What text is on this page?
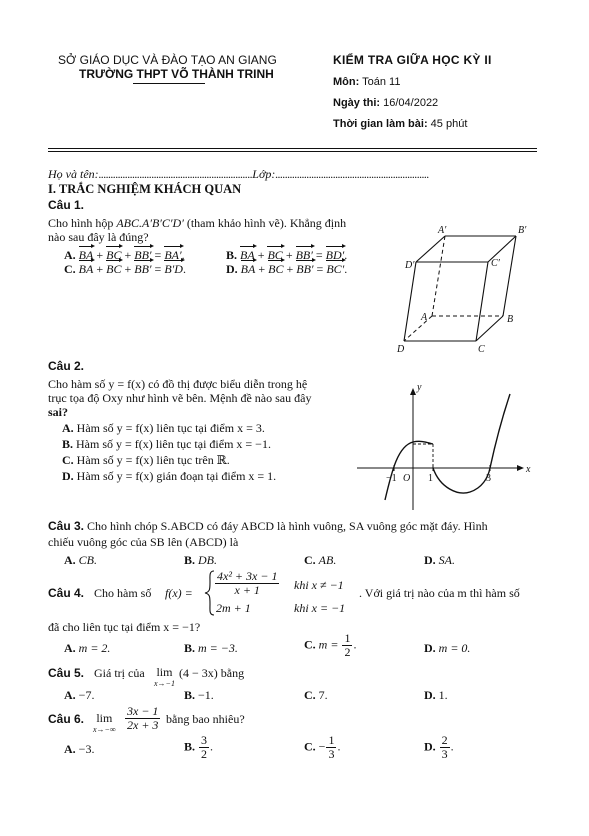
SỞ GIÁO DỤC VÀ ĐÀO TẠO AN GIANG
TRƯỜNG THPT VÕ THÀNH TRINH
KIỂM TRA GIỮA HỌC KỲ II
Môn: Toán 11
Ngày thi: 16/04/2022
Thời gian làm bài: 45 phút
Họ và tên:................................................................Lớp:................................................................
I. TRẮC NGHIỆM KHÁCH QUAN
Câu 1.
Cho hình hộp ABC.A′B′C′D′ (tham khảo hình vẽ). Khẳng định
nào sau đây là đúng?
A. BA + BC + BB′ = BA′.	B. BA + BC + BB′ = BD′.
C. BA + BC + BB′ = B′D.	D. BA + BC + BB′ = BC′.
A′	B′
C′
D′
A	B
C
D
Câu 2.
Cho hàm số y = f(x) có đồ thị được biểu diễn trong hệ
trục tọa độ Oxy như hình vẽ bên. Mệnh đề nào sau đây
sai?
A. Hàm số y = f(x) liên tục tại điểm x = 3.
B. Hàm số y = f(x) liên tục tại điểm x = −1.
C. Hàm số y = f(x) liên tục trên ℝ.
D. Hàm số y = f(x) gián đoạn tại điểm x = 1.	x
y
−1 O 1	3
Câu 3. Cho hình chóp S.ABCD có đáy ABCD là hình vuông, SA vuông góc mặt đáy. Hình
chiếu vuông góc của SB lên (ABCD) là
A. CB.	B. DB.	C. AB.	D. SA.
Câu 4. Cho hàm số $f(x) = \frac{\text{4x² + 3x − 1}}{x + 1}$ khi x ≠ −1
2m + 1	khi x = −1
. Với giá trị nào của m thì hàm số
đã cho liên tục tại điểm x = −1?
A. m = 2.	B. m = −3.	C. $m = \frac{1}{2}$ .	D. m = 0.
Câu 5. Giá trị của lim
x→−1
(4 − 3x) bằng
A. −7.	B. −1.	C. 7.	D. 1.
Câu 6. lim
$x\to-\infty \frac{3x - 1}{2x + 3}$ bằng bao nhiêu?
A. −3.	B. $\frac{3}{2}$ .	C. − $\frac{1}{3}$ .	D. $\frac{2}{3}$ .
